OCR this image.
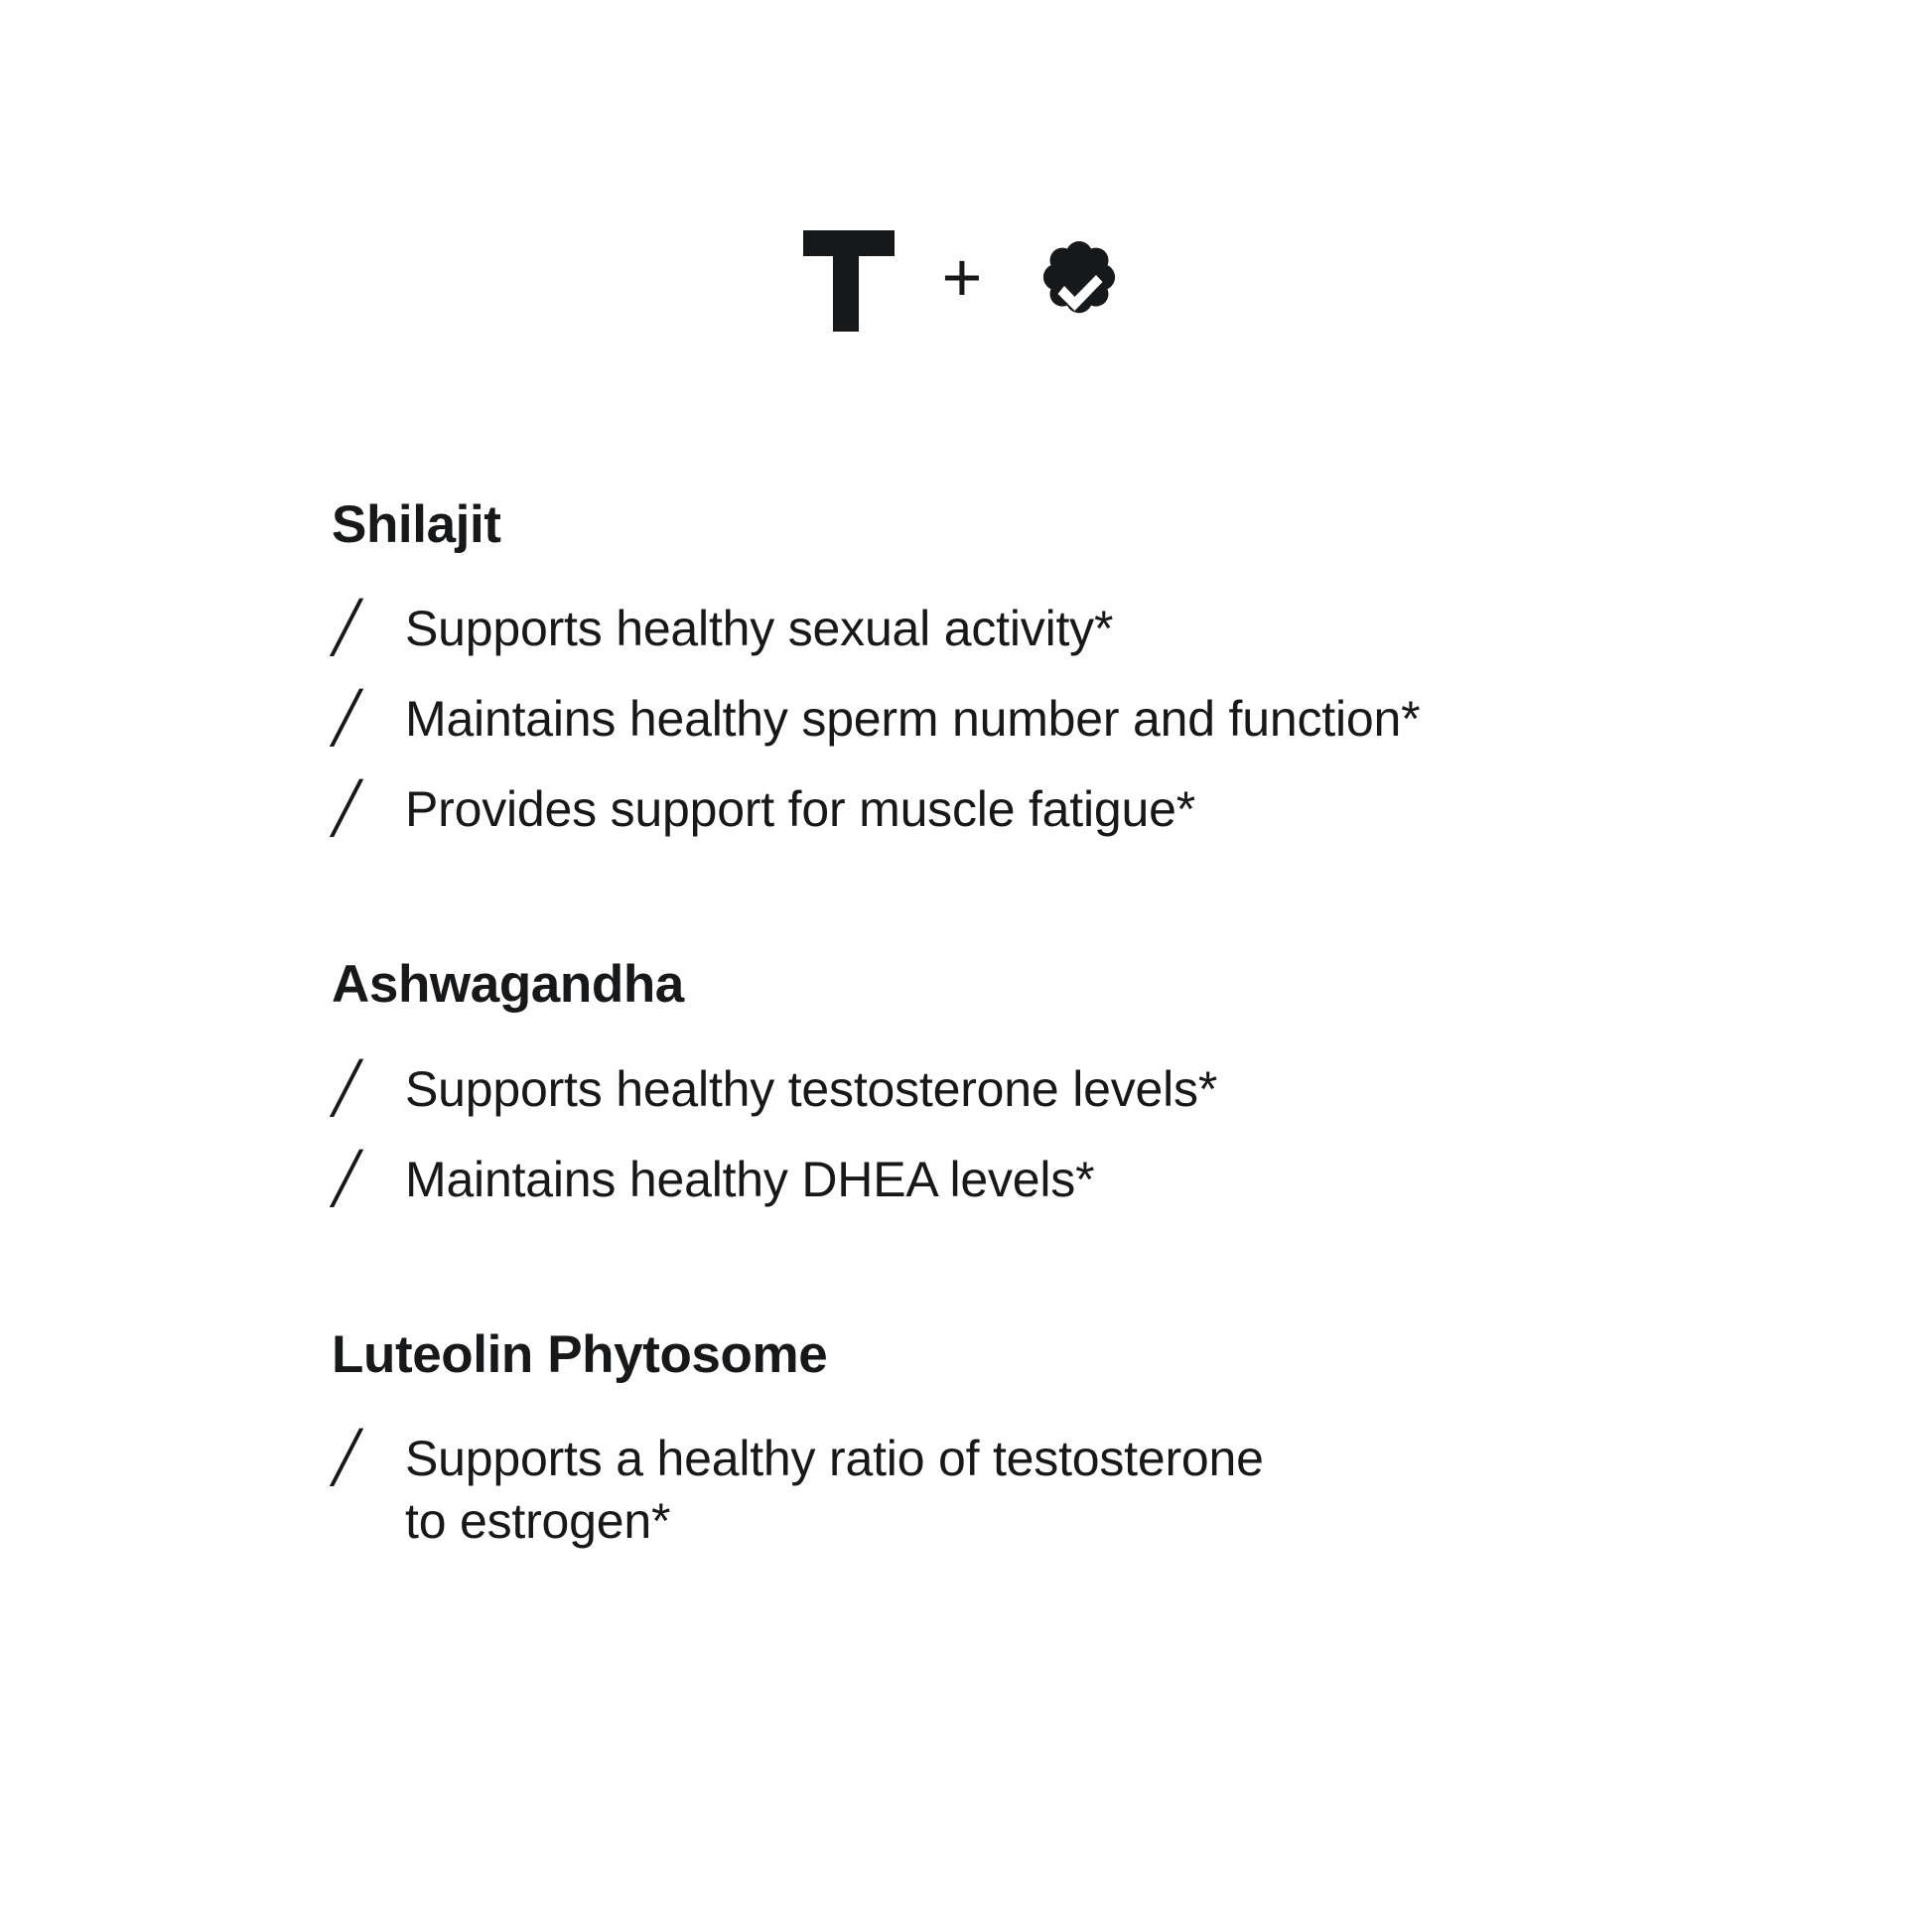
+
Shilajit
╱ Supports healthy sexual activity*
╱ Maintains healthy sperm number and function*
╱ Provides support for muscle fatigue*
Ashwagandha
╱ Supports healthy testosterone levels*
╱ Maintains healthy DHEA levels*
Luteolin Phytosome
╱ Supports a healthy ratio of testosterone to estrogen*
